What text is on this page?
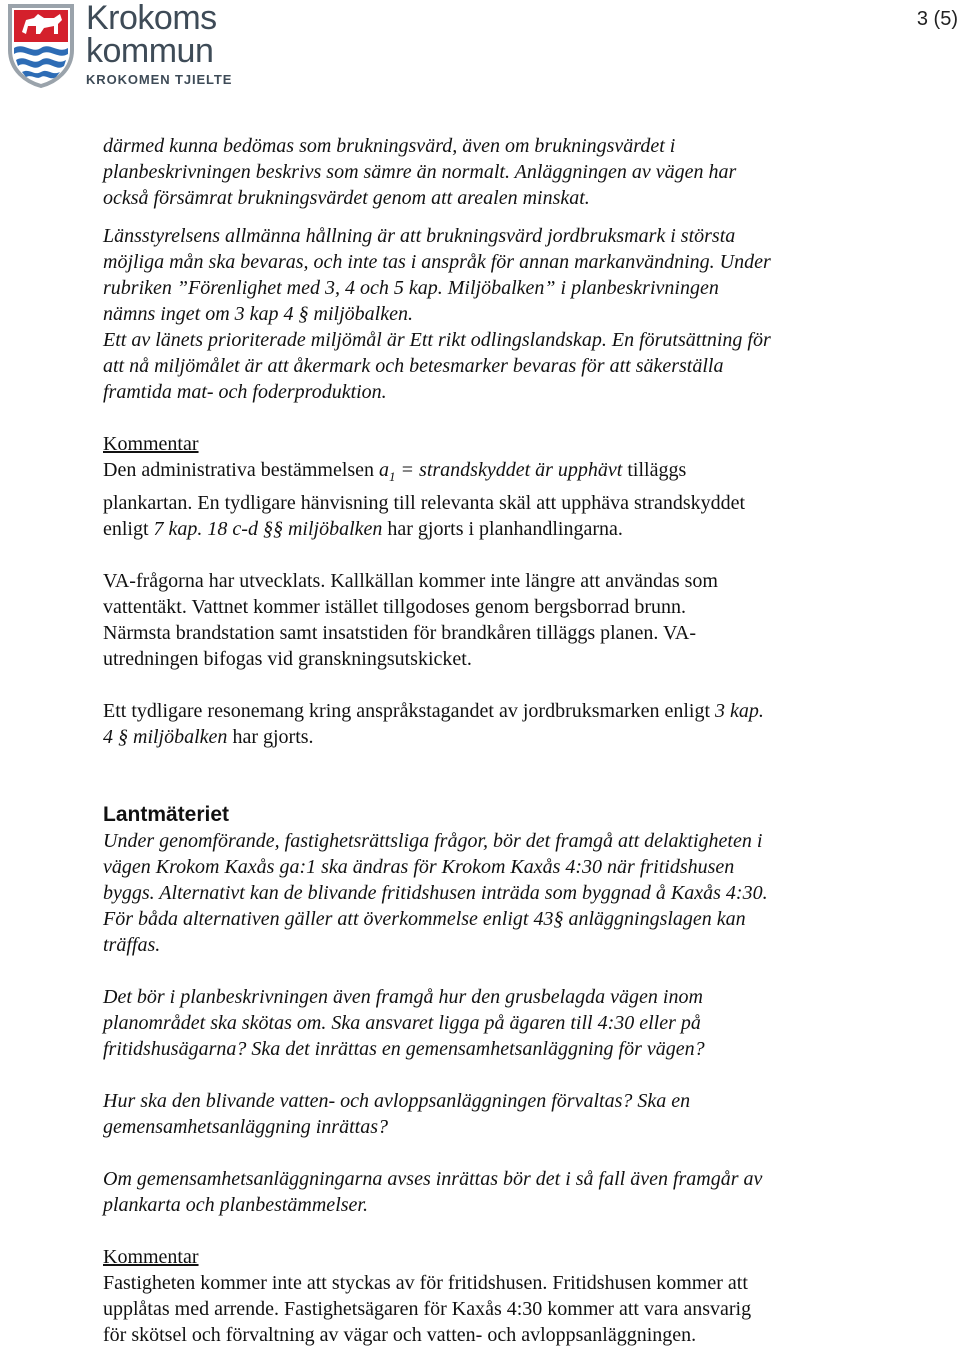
Krokoms
kommun
KROKOMEN TJIELTE
3 (5)

därmed kunna bedömas som brukningsvärd, även om brukningsvärdet i
planbeskrivningen beskrivs som sämre än normalt. Anläggningen av vägen har
också försämrat brukningsvärdet genom att arealen minskat.

Länsstyrelsens allmänna hållning är att brukningsvärd jordbruksmark i största
möjliga mån ska bevaras, och inte tas i anspråk för annan markanvändning. Under
rubriken ”Förenlighet med 3, 4 och 5 kap. Miljöbalken” i planbeskrivningen
nämns inget om 3 kap 4 § miljöbalken.

Ett av länets prioriterade miljömål är Ett rikt odlingslandskap. En förutsättning för
att nå miljömålet är att åkermark och betesmarker bevaras för att säkerställa
framtida mat- och foderproduktion.

Kommentar

Den administrativa bestämmelsen $a_1$ = strandskyddet är upphävt tilläggs
plankartan. En tydligare hänvisning till relevanta skäl att upphäva strandskyddet
enligt 7 kap. 18 c-d §§ miljöbalken har gjorts i planhandlingarna.

VA-frågorna har utvecklats. Kallkällan kommer inte längre att användas som
vattentäkt. Vattnet kommer istället tillgodoses genom bergsborrad brunn.
Närmsta brandstation samt insatstiden för brandkåren tilläggs planen. VA-
utredningen bifogas vid granskningsutskicket.

Ett tydligare resonemang kring anspråkstagandet av jordbruksmarken enligt 3 kap.
4 § miljöbalken har gjorts.

Lantmäteriet

Under genomförande, fastighetsrättsliga frågor, bör det framgå att delaktigheten i
vägen Krokom Kaxås ga:1 ska ändras för Krokom Kaxås 4:30 när fritidshusen
byggs. Alternativt kan de blivande fritidshusen inträda som byggnad å Kaxås 4:30.
För båda alternativen gäller att överkommelse enligt 43§ anläggningslagen kan
träffas.

Det bör i planbeskrivningen även framgå hur den grusbelagda vägen inom
planområdet ska skötas om. Ska ansvaret ligga på ägaren till 4:30 eller på
fritidshusägarna? Ska det inrättas en gemensamhetsanläggning för vägen?

Hur ska den blivande vatten- och avloppsanläggningen förvaltas? Ska en
gemensamhetsanläggning inrättas?

Om gemensamhetsanläggningarna avses inrättas bör det i så fall även framgår av
plankarta och planbestämmelser.

Kommentar

Fastigheten kommer inte att styckas av för fritidshusen. Fritidshusen kommer att
upplåtas med arrende. Fastighetsägaren för Kaxås 4:30 kommer att vara ansvarig
för skötsel och förvaltning av vägar och vatten- och avloppsanläggningen.
